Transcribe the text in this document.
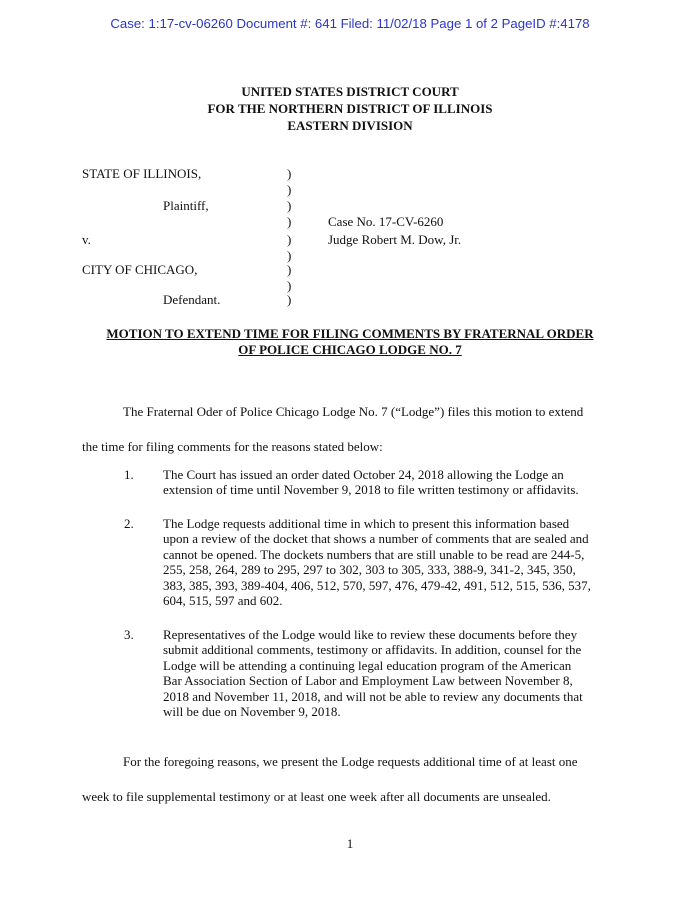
Case: 1:17-cv-06260 Document #: 641 Filed: 11/02/18 Page 1 of 2 PageID #:4178
UNITED STATES DISTRICT COURT
FOR THE NORTHERN DISTRICT OF ILLINOIS
EASTERN DIVISION
STATE OF ILLINOIS,
Plaintiff,
v.
CITY OF CHICAGO,
Defendant.
)
)
)
)
)
)
)
)
)
Case No. 17-CV-6260
Judge Robert M. Dow, Jr.
MOTION TO EXTEND TIME FOR FILING COMMENTS BY FRATERNAL ORDER
OF POLICE CHICAGO LODGE NO. 7
The Fraternal Oder of Police Chicago Lodge No. 7 (“Lodge”) files this motion to extend
the time for filing comments for the reasons stated below:
1. The Court has issued an order dated October 24, 2018 allowing the Lodge an
extension of time until November 9, 2018 to file written testimony or affidavits.
2. The Lodge requests additional time in which to present this information based
upon a review of the docket that shows a number of comments that are sealed and
cannot be opened. The dockets numbers that are still unable to be read are 244-5,
255, 258, 264, 289 to 295, 297 to 302, 303 to 305, 333, 388-9, 341-2, 345, 350,
383, 385, 393, 389-404, 406, 512, 570, 597, 476, 479-42, 491, 512, 515, 536, 537,
604, 515, 597 and 602.
3. Representatives of the Lodge would like to review these documents before they
submit additional comments, testimony or affidavits. In addition, counsel for the
Lodge will be attending a continuing legal education program of the American
Bar Association Section of Labor and Employment Law between November 8,
2018 and November 11, 2018, and will not be able to review any documents that
will be due on November 9, 2018.
For the foregoing reasons, we present the Lodge requests additional time of at least one
week to file supplemental testimony or at least one week after all documents are unsealed.
1
